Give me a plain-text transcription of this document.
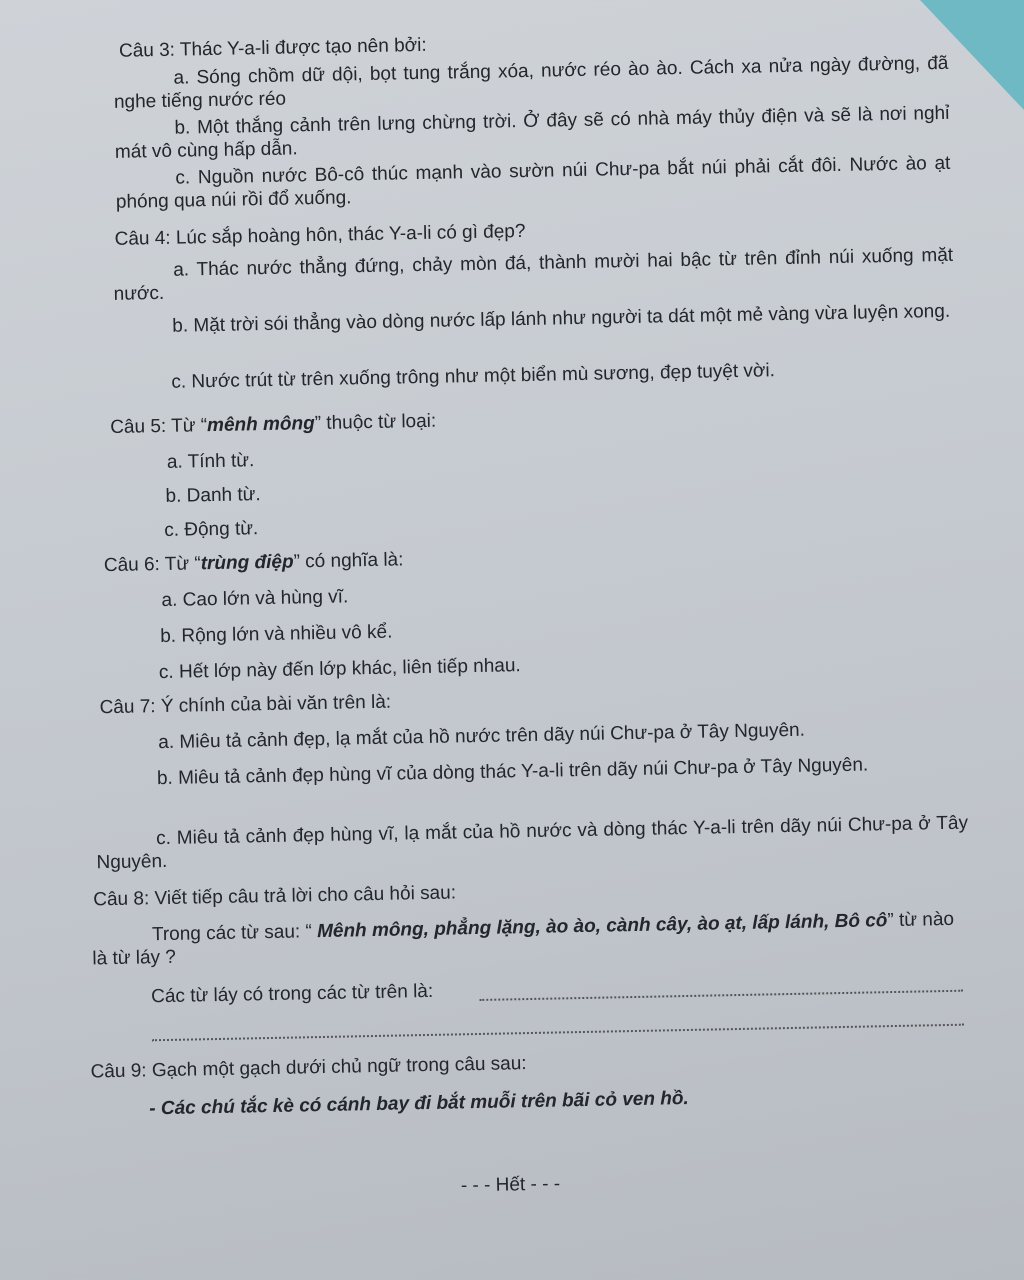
Câu 3: Thác Y-a-li được tạo nên bởi:
a. Sóng chồm dữ dội, bọt tung trắng xóa, nước réo ào ào. Cách xa nửa ngày đường, đã nghe tiếng nước réo
b. Một thắng cảnh trên lưng chừng trời. Ở đây sẽ có nhà máy thủy điện và sẽ là nơi nghỉ mát vô cùng hấp dẫn.
c. Nguồn nước Bô-cô thúc mạnh vào sườn núi Chư-pa bắt núi phải cắt đôi. Nước ào ạt phóng qua núi rồi đổ xuống.
Câu 4: Lúc sắp hoàng hôn, thác Y-a-li có gì đẹp?
a. Thác nước thẳng đứng, chảy mòn đá, thành mười hai bậc từ trên đỉnh núi xuống mặt nước.
b. Mặt trời sói thẳng vào dòng nước lấp lánh như người ta dát một mẻ vàng vừa luyện xong.
c. Nước trút từ trên xuống trông như một biển mù sương, đẹp tuyệt vời.
Câu 5: Từ “mênh mông” thuộc từ loại:
a. Tính từ.
b. Danh từ.
c. Động từ.
Câu 6: Từ “trùng điệp” có nghĩa là:
a. Cao lớn và hùng vĩ.
b. Rộng lớn và nhiều vô kể.
c. Hết lớp này đến lớp khác, liên tiếp nhau.
Câu 7: Ý chính của bài văn trên là:
a. Miêu tả cảnh đẹp, lạ mắt của hồ nước trên dãy núi Chư-pa ở Tây Nguyên.
b. Miêu tả cảnh đẹp hùng vĩ của dòng thác Y-a-li trên dãy núi Chư-pa ở Tây Nguyên.
c. Miêu tả cảnh đẹp hùng vĩ, lạ mắt của hồ nước và dòng thác Y-a-li trên dãy núi Chư-pa ở Tây Nguyên.
Câu 8: Viết tiếp câu trả lời cho câu hỏi sau:
Trong các từ sau: “ Mênh mông, phẳng lặng, ào ào, cành cây, ào ạt, lấp lánh, Bô cô” từ nào là từ láy ?
Các từ láy có trong các từ trên là:
Câu 9: Gạch một gạch dưới chủ ngữ trong câu sau:
- Các chú tắc kè có cánh bay đi bắt muỗi trên bãi cỏ ven hồ.
- - - Hết - - -
